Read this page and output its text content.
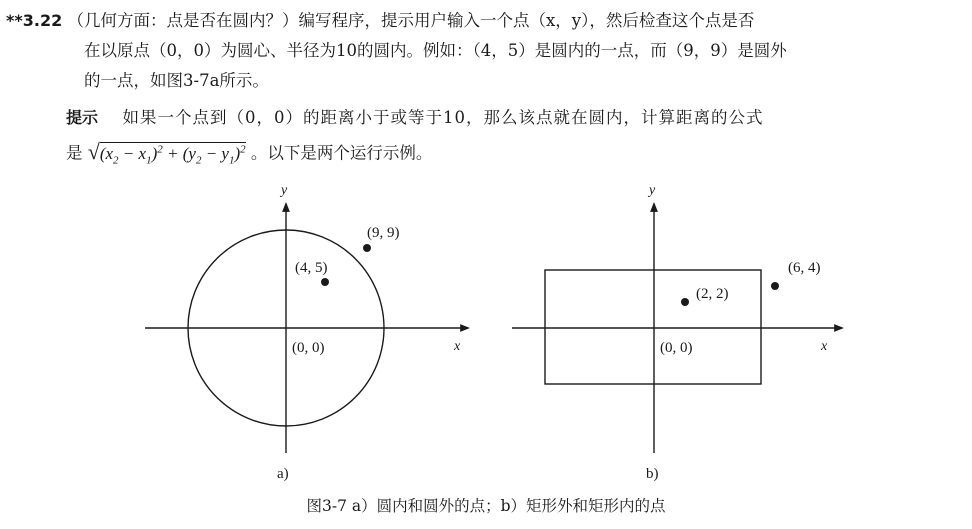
**3.22 （几何方面：点是否在圆内？）编写程序，提示用户输入一个点（x，y），然后检查这个点是否
在以原点（0，0）为圆心、半径为10的圆内。例如：（4，5）是圆内的一点，而（9，9）是圆外
的一点，如图3-7a所示。
提示 如果一个点到（0，0）的距离小于或等于10，那么该点就在圆内，计算距离的公式
是 $√(x_2 - x_1)^2 + (y_2 - y_1)^2$ 。以下是两个运行示例。
(4, 5)
(9, 9)
(0, 0)	x
y
a)
(2, 2)
(6, 4)
(0, 0)	x
y
b)
图3-7 a）圆内和圆外的点；b）矩形外和矩形内的点
